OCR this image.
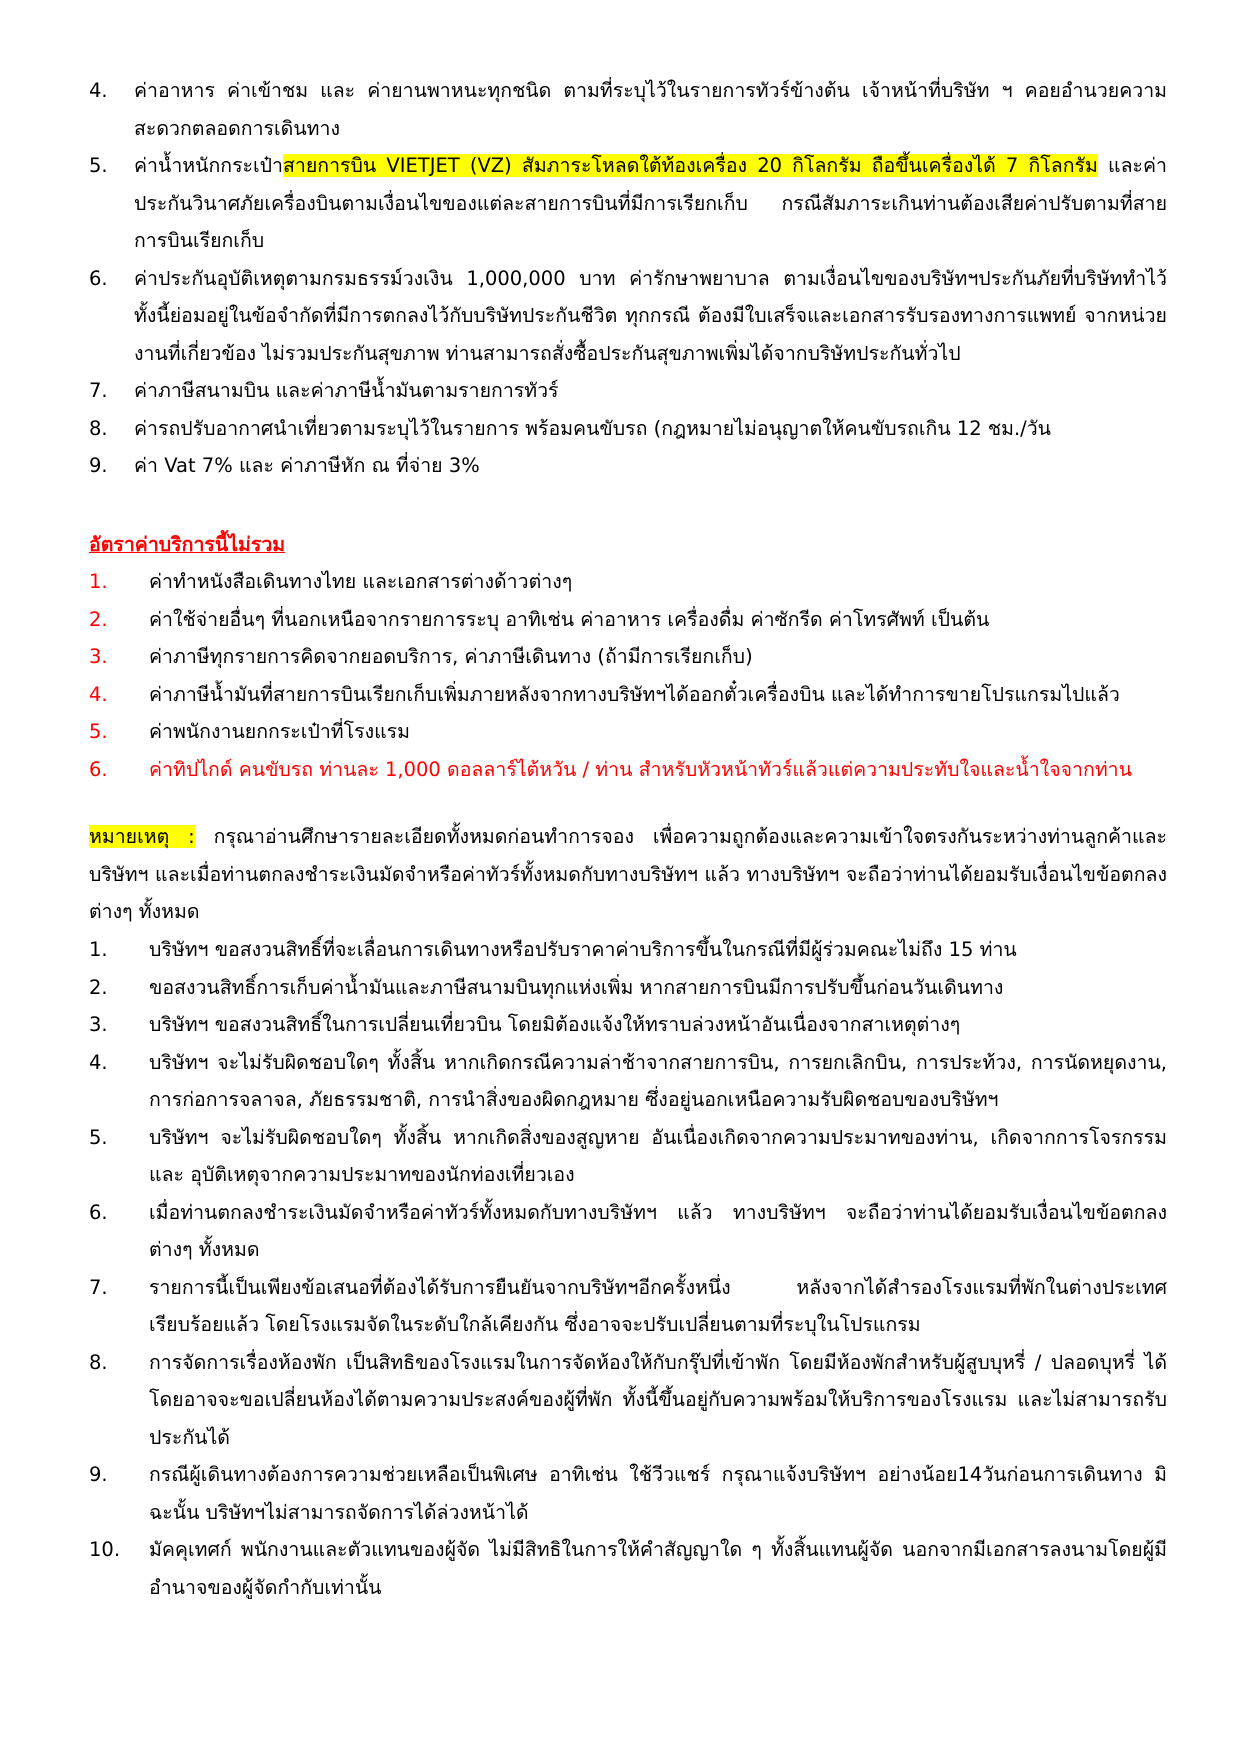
4.	ค่าอาหาร ค่าเข้าชม และ ค่ายานพาหนะทุกชนิด ตามที่ระบุไว้ในรายการทัวร์ข้างต้น เจ้าหน้าที่บริษัท ฯ คอยอำนวยความสะดวกตลอดการเดินทาง
5.	ค่าน้ำหนักกระเป๋าสายการบิน VIETJET (VZ) สัมภาระโหลดใต้ท้องเครื่อง 20 กิโลกรัม ถือขึ้นเครื่องได้ 7 กิโลกรัม และค่าประกันวินาศภัยเครื่องบินตามเงื่อนไขของแต่ละสายการบินที่มีการเรียกเก็บ กรณีสัมภาระเกินท่านต้องเสียค่าปรับตามที่สายการบินเรียกเก็บ
6.	ค่าประกันอุบัติเหตุตามกรมธรรม์วงเงิน 1,000,000 บาท ค่ารักษาพยาบาล ตามเงื่อนไขของบริษัทฯประกันภัยที่บริษัททำไว้ ทั้งนี้ย่อมอยู่ในข้อจำกัดที่มีการตกลงไว้กับบริษัทประกันชีวิต ทุกกรณี ต้องมีใบเสร็จและเอกสารรับรองทางการแพทย์ จากหน่วยงานที่เกี่ยวข้อง ไม่รวมประกันสุขภาพ ท่านสามารถสั่งซื้อประกันสุขภาพเพิ่มได้จากบริษัทประกันทั่วไป
7.	ค่าภาษีสนามบิน และค่าภาษีน้ำมันตามรายการทัวร์
8.	ค่ารถปรับอากาศนำเที่ยวตามระบุไว้ในรายการ พร้อมคนขับรถ (กฎหมายไม่อนุญาตให้คนขับรถเกิน 12 ชม./วัน
9.	ค่า Vat 7% และ ค่าภาษีหัก ณ ที่จ่าย 3%
อัตราค่าบริการนี้ไม่รวม
1.	ค่าทำหนังสือเดินทางไทย และเอกสารต่างด้าวต่างๆ
2.	ค่าใช้จ่ายอื่นๆ ที่นอกเหนือจากรายการระบุ อาทิเช่น ค่าอาหาร เครื่องดื่ม ค่าซักรีด ค่าโทรศัพท์ เป็นต้น
3.	ค่าภาษีทุกรายการคิดจากยอดบริการ, ค่าภาษีเดินทาง (ถ้ามีการเรียกเก็บ)
4.	ค่าภาษีน้ำมันที่สายการบินเรียกเก็บเพิ่มภายหลังจากทางบริษัทฯได้ออกตั๋วเครื่องบิน และได้ทำการขายโปรแกรมไปแล้ว
5.	ค่าพนักงานยกกระเป๋าที่โรงแรม
6.	ค่าทิปไกด์ คนขับรถ ท่านละ 1,000 ดอลลาร์ไต้หวัน / ท่าน สำหรับหัวหน้าทัวร์แล้วแต่ความประทับใจและน้ำใจจากท่าน

หมายเหตุ : กรุณาอ่านศึกษารายละเอียดทั้งหมดก่อนทำการจอง เพื่อความถูกต้องและความเข้าใจตรงกันระหว่างท่านลูกค้าและบริษัทฯ และเมื่อท่านตกลงชำระเงินมัดจำหรือค่าทัวร์ทั้งหมดกับทางบริษัทฯ แล้ว ทางบริษัทฯ จะถือว่าท่านได้ยอมรับเงื่อนไขข้อตกลงต่างๆ ทั้งหมด

1.	บริษัทฯ ขอสงวนสิทธิ์ที่จะเลื่อนการเดินทางหรือปรับราคาค่าบริการขึ้นในกรณีที่มีผู้ร่วมคณะไม่ถึง 15 ท่าน
2.	ขอสงวนสิทธิ์การเก็บค่าน้ำมันและภาษีสนามบินทุกแห่งเพิ่ม หากสายการบินมีการปรับขึ้นก่อนวันเดินทาง
3.	บริษัทฯ ขอสงวนสิทธิ์ในการเปลี่ยนเที่ยวบิน โดยมิต้องแจ้งให้ทราบล่วงหน้าอันเนื่องจากสาเหตุต่างๆ
4.	บริษัทฯ จะไม่รับผิดชอบใดๆ ทั้งสิ้น หากเกิดกรณีความล่าช้าจากสายการบิน, การยกเลิกบิน, การประท้วง, การนัดหยุดงาน, การก่อการจลาจล, ภัยธรรมชาติ, การนำสิ่งของผิดกฎหมาย ซึ่งอยู่นอกเหนือความรับผิดชอบของบริษัทฯ
5.	บริษัทฯ จะไม่รับผิดชอบใดๆ ทั้งสิ้น หากเกิดสิ่งของสูญหาย อันเนื่องเกิดจากความประมาทของท่าน, เกิดจากการโจรกรรม และ อุบัติเหตุจากความประมาทของนักท่องเที่ยวเอง
6.	เมื่อท่านตกลงชำระเงินมัดจำหรือค่าทัวร์ทั้งหมดกับทางบริษัทฯ แล้ว ทางบริษัทฯ จะถือว่าท่านได้ยอมรับเงื่อนไขข้อตกลงต่างๆ ทั้งหมด
7.	รายการนี้เป็นเพียงข้อเสนอที่ต้องได้รับการยืนยันจากบริษัทฯอีกครั้งหนึ่ง หลังจากได้สำรองโรงแรมที่พักในต่างประเทศเรียบร้อยแล้ว โดยโรงแรมจัดในระดับใกล้เคียงกัน ซึ่งอาจจะปรับเปลี่ยนตามที่ระบุในโปรแกรม
8.	การจัดการเรื่องห้องพัก เป็นสิทธิของโรงแรมในการจัดห้องให้กับกรุ๊ปที่เข้าพัก โดยมีห้องพักสำหรับผู้สูบบุหรี่ / ปลอดบุหรี่ ได้ โดยอาจจะขอเปลี่ยนห้องได้ตามความประสงค์ของผู้ที่พัก ทั้งนี้ขึ้นอยู่กับความพร้อมให้บริการของโรงแรม และไม่สามารถรับประกันได้
9.	กรณีผู้เดินทางต้องการความช่วยเหลือเป็นพิเศษ อาทิเช่น ใช้วีวแชร์ กรุณาแจ้งบริษัทฯ อย่างน้อย14วันก่อนการเดินทาง มิฉะนั้น บริษัทฯไม่สามารถจัดการได้ล่วงหน้าได้
10.	มัคคุเทศก์ พนักงานและตัวแทนของผู้จัด ไม่มีสิทธิในการให้คำสัญญาใด ๆ ทั้งสิ้นแทนผู้จัด นอกจากมีเอกสารลงนามโดยผู้มีอำนาจของผู้จัดกำกับเท่านั้น
